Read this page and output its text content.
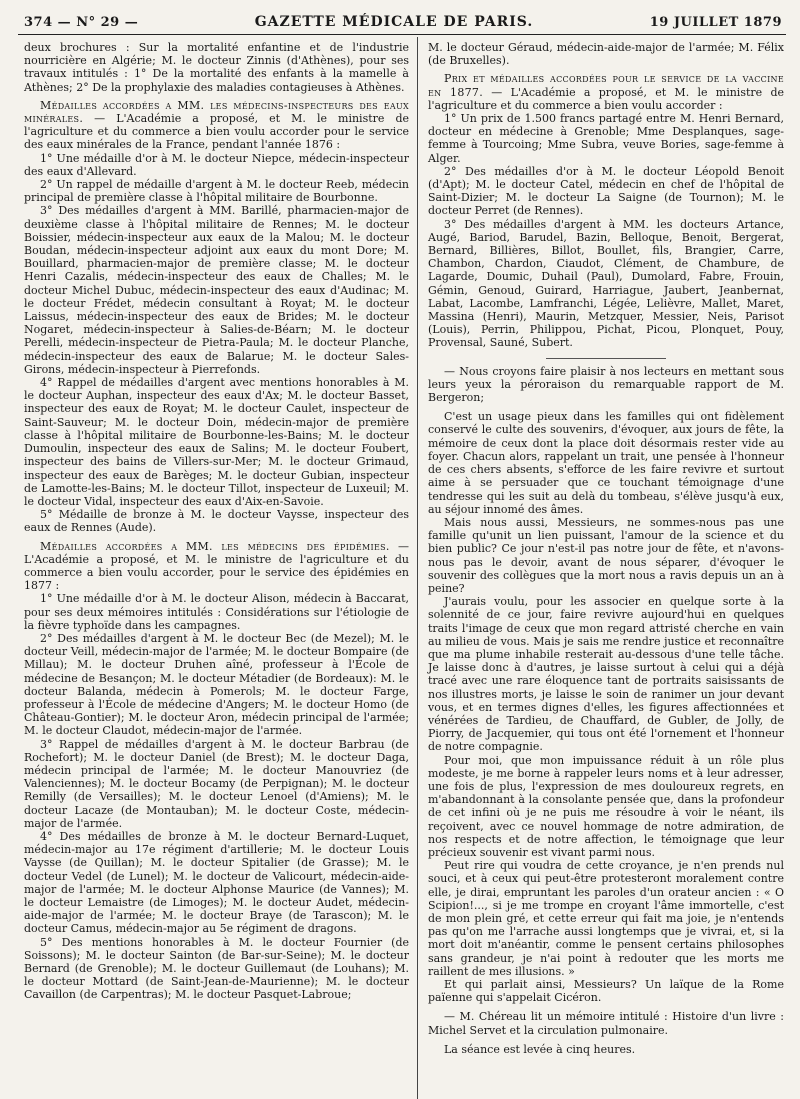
374 — N° 29 —	GAZETTE MÉDICALE DE PARIS.	19 JUILLET 1879

deux brochures : Sur la mortalité enfantine et de l'industrie nourricière en Algérie; M. le docteur Zinnis (d'Athènes), pour ses travaux intitulés : 1° De la mortalité des enfants à la mamelle à Athènes; 2° De la prophylaxie des maladies contagieuses à Athènes.

Médailles accordées a MM. les médecins-inspecteurs des eaux minérales. — L'Académie a proposé, et M. le ministre de l'agriculture et du commerce a bien voulu accorder pour le service des eaux minérales de la France, pendant l'année 1876 :

1° Une médaille d'or à M. le docteur Niepce, médecin-inspecteur des eaux d'Allevard.

2° Un rappel de médaille d'argent à M. le docteur Reeb, médecin principal de première classe à l'hôpital militaire de Bourbonne.

3° Des médailles d'argent à MM. Barillé, pharmacien-major de deuxième classe à l'hôpital militaire de Rennes; M. le docteur Boissier, médecin-inspecteur aux eaux de la Malou; M. le docteur Boudan, médecin-inspecteur adjoint aux eaux du mont Dore; M. Bouillard, pharmacien-major de première classe; M. le docteur Henri Cazalis, médecin-inspecteur des eaux de Challes; M. le docteur Michel Dubuc, médecin-inspecteur des eaux d'Audinac; M. le docteur Frédet, médecin consultant à Royat; M. le docteur Laissus, médecin-inspecteur des eaux de Brides; M. le docteur Nogaret, médecin-inspecteur à Salies-de-Béarn; M. le docteur Perelli, médecin-inspecteur de Pietra-Paula; M. le docteur Planche, médecin-inspecteur des eaux de Balarue; M. le docteur Sales-Girons, médecin-inspecteur à Pierrefonds.

4° Rappel de médailles d'argent avec mentions honorables à M. le docteur Auphan, inspecteur des eaux d'Ax; M. le docteur Basset, inspecteur des eaux de Royat; M. le docteur Caulet, inspecteur de Saint-Sauveur; M. le docteur Doin, médecin-major de première classe à l'hôpital militaire de Bourbonne-les-Bains; M. le docteur Dumoulin, inspecteur des eaux de Salins; M. le docteur Foubert, inspecteur des bains de Villers-sur-Mer; M. le docteur Grimaud, inspecteur des eaux de Barèges; M. le docteur Gubian, inspecteur de Lamotte-les-Bains; M. le docteur Tillot, inspecteur de Luxeuil; M. le docteur Vidal, inspecteur des eaux d'Aix-en-Savoie.

5° Médaille de bronze à M. le docteur Vaysse, inspecteur des eaux de Rennes (Aude).

Médailles accordées a MM. les médecins des épidémies. — L'Académie a proposé, et M. le ministre de l'agriculture et du commerce a bien voulu accorder, pour le service des épidémies en 1877 :

1° Une médaille d'or à M. le docteur Alison, médecin à Baccarat, pour ses deux mémoires intitulés : Considérations sur l'étiologie de la fièvre typhoïde dans les campagnes.

2° Des médailles d'argent à M. le docteur Bec (de Mezel); M. le docteur Veill, médecin-major de l'armée; M. le docteur Bompaire (de Millau); M. le docteur Druhen aîné, professeur à l'École de médecine de Besançon; M. le docteur Métadier (de Bordeaux): M. le docteur Balanda, médecin à Pomerols; M. le docteur Farge, professeur à l'École de médecine d'Angers; M. le docteur Homo (de Château-Gontier); M. le docteur Aron, médecin principal de l'armée; M. le docteur Claudot, médecin-major de l'armée.

3° Rappel de médailles d'argent à M. le docteur Barbrau (de Rochefort); M. le docteur Daniel (de Brest); M. le docteur Daga, médecin principal de l'armée; M. le docteur Manouvriez (de Valenciennes); M. le docteur Bocamy (de Perpignan); M. le docteur Remilly (de Versailles); M. le docteur Lenoel (d'Amiens); M. le docteur Lacaze (de Montauban); M. le docteur Coste, médecin-major de l'armée.

4° Des médailles de bronze à M. le docteur Bernard-Luquet, médecin-major au 17e régiment d'artillerie; M. le docteur Louis Vaysse (de Quillan); M. le docteur Spitalier (de Grasse); M. le docteur Vedel (de Lunel); M. le docteur de Valicourt, médecin-aide-major de l'armée; M. le docteur Alphonse Maurice (de Vannes); M. le docteur Lemaistre (de Limoges); M. le docteur Audet, médecin-aide-major de l'armée; M. le docteur Braye (de Tarascon); M. le docteur Camus, médecin-major au 5e régiment de dragons.

5° Des mentions honorables à M. le docteur Fournier (de Soissons); M. le docteur Sainton (de Bar-sur-Seine); M. le docteur Bernard (de Grenoble); M. le docteur Guillemaut (de Louhans); M. le docteur Mottard (de Saint-Jean-de-Maurienne); M. le docteur Cavaillon (de Carpentras); M. le docteur Pasquet-Labroue;

M. le docteur Géraud, médecin-aide-major de l'armée; M. Félix (de Bruxelles).

Prix et médailles accordées pour le service de la vaccine en 1877. — L'Académie a proposé, et M. le ministre de l'agriculture et du commerce a bien voulu accorder :

1° Un prix de 1.500 francs partagé entre M. Henri Bernard, docteur en médecine à Grenoble; Mme Desplanques, sage-femme à Tourcoing; Mme Subra, veuve Bories, sage-femme à Alger.

2° Des médailles d'or à M. le docteur Léopold Benoit (d'Apt); M. le docteur Catel, médecin en chef de l'hôpital de Saint-Dizier; M. le docteur La Saigne (de Tournon); M. le docteur Perret (de Rennes).

3° Des médailles d'argent à MM. les docteurs Artance, Augé, Bariod, Barudel, Bazin, Belloque, Benoit, Bergerat, Bernard, Billières, Billot, Boullet, fils, Brangier, Carre, Chambon, Chardon, Ciaudot, Clément, de Chambure, de Lagarde, Doumic, Duhail (Paul), Dumolard, Fabre, Frouin, Gémin, Genoud, Guirard, Harriague, Jaubert, Jeanbernat, Labat, Lacombe, Lamfranchi, Légée, Lelièvre, Mallet, Maret, Massina (Henri), Maurin, Metzquer, Messier, Neis, Parisot (Louis), Perrin, Philippou, Pichat, Picou, Plonquet, Pouy, Provensal, Sauné, Subert.

— Nous croyons faire plaisir à nos lecteurs en mettant sous leurs yeux la péroraison du remarquable rapport de M. Bergeron;

C'est un usage pieux dans les familles qui ont fidèlement conservé le culte des souvenirs, d'évoquer, aux jours de fête, la mémoire de ceux dont la place doit désormais rester vide au foyer. Chacun alors, rappelant un trait, une pensée à l'honneur de ces chers absents, s'efforce de les faire revivre et surtout aime à se persuader que ce touchant témoignage d'une tendresse qui les suit au delà du tombeau, s'élève jusqu'à eux, au séjour innomé des âmes.

Mais nous aussi, Messieurs, ne sommes-nous pas une famille qu'unit un lien puissant, l'amour de la science et du bien public? Ce jour n'est-il pas notre jour de fête, et n'avons-nous pas le devoir, avant de nous séparer, d'évoquer le souvenir des collègues que la mort nous a ravis depuis un an à peine?

J'aurais voulu, pour les associer en quelque sorte à la solennité de ce jour, faire revivre aujourd'hui en quelques traits l'image de ceux que mon regard attristé cherche en vain au milieu de vous. Mais je sais me rendre justice et reconnaître que ma plume inhabile resterait au-dessous d'une telle tâche. Je laisse donc à d'autres, je laisse surtout à celui qui a déjà tracé avec une rare éloquence tant de portraits saisissants de nos illustres morts, je laisse le soin de ranimer un jour devant vous, et en termes dignes d'elles, les figures affectionnées et vénérées de Tardieu, de Chauffard, de Gubler, de Jolly, de Piorry, de Jacquemier, qui tous ont été l'ornement et l'honneur de notre compagnie.

Pour moi, que mon impuissance réduit à un rôle plus modeste, je me borne à rappeler leurs noms et à leur adresser, une fois de plus, l'expression de mes douloureux regrets, en m'abandonnant à la consolante pensée que, dans la profondeur de cet infini où je ne puis me résoudre à voir le néant, ils reçoivent, avec ce nouvel hommage de notre admiration, de nos respects et de notre affection, le témoignage que leur précieux souvenir est vivant parmi nous.

Peut rire qui voudra de cette croyance, je n'en prends nul souci, et à ceux qui peut-être protesteront moralement contre elle, je dirai, empruntant les paroles d'un orateur ancien : « O Scipion!..., si je me trompe en croyant l'âme immortelle, c'est de mon plein gré, et cette erreur qui fait ma joie, je n'entends pas qu'on me l'arrache aussi longtemps que je vivrai, et, si la mort doit m'anéantir, comme le pensent certains philosophes sans grandeur, je n'ai point à redouter que les morts me raillent de mes illusions. »

Et qui parlait ainsi, Messieurs? Un laïque de la Rome païenne qui s'appelait Cicéron.

— M. Chéreau lit un mémoire intitulé : Histoire d'un livre : Michel Servet et la circulation pulmonaire.

La séance est levée à cinq heures.
